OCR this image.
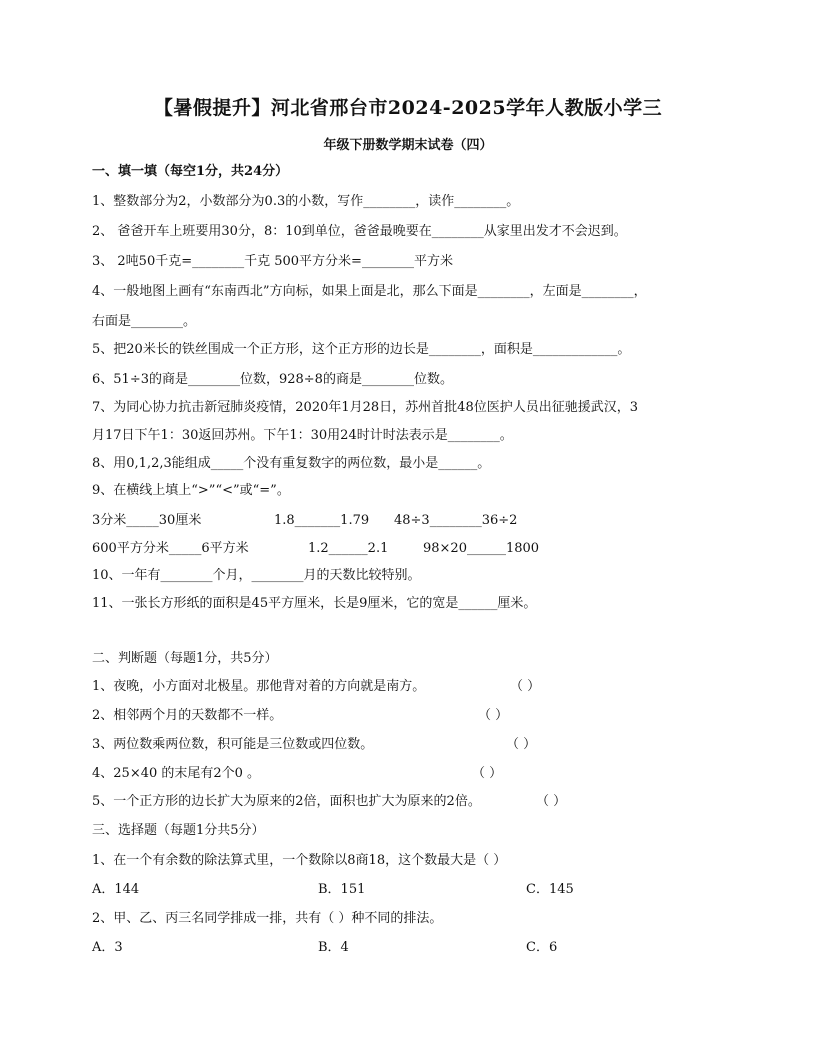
【暑假提升】河北省邢台市2024-2025学年人教版小学三
年级下册数学期末试卷（四）
一、填一填（每空1分，共24分）
1、整数部分为2，小数部分为0.3的小数，写作________，读作________。
2、 爸爸开车上班要用30分，8：10到单位，爸爸最晚要在________从家里出发才不会迟到。
3、 2吨50千克=________千克 500平方分米=________平方米
4、一般地图上画有“东南西北”方向标，如果上面是北，那么下面是________，左面是________，
右面是________。
5、把20米长的铁丝围成一个正方形，这个正方形的边长是________，面积是_____________。
6、51÷3的商是________位数，928÷8的商是________位数。
7、为同心协力抗击新冠肺炎疫情，2020年1月28日，苏州首批48位医护人员出征驰援武汉，3
月17日下午1：30返回苏州。下午1：30用24时计时法表示是________。
8、用0,1,2,3能组成_____个没有重复数字的两位数，最小是______。
9、在横线上填上“>”“<”或“=”。
3分米_____30厘米	1.8_______1.79 48÷3________36÷2
600平方分米_____6平方米	1.2______2.1	98×20______1800
10、一年有________个月，________月的天数比较特别。
11、一张长方形纸的面积是45平方厘米，长是9厘米，它的宽是______厘米。
二、判断题（每题1分，共5分）
1、夜晚，小方面对北极星。那他背对着的方向就是南方。	（ ）
2、相邻两个月的天数都不一样。	（ ）
3、两位数乘两位数，积可能是三位数或四位数。	（ ）
4、25×40 的末尾有2个0 。	（ ）
5、一个正方形的边长扩大为原来的2倍，面积也扩大为原来的2倍。	（ ）
三、选择题（每题1分共5分）
1、在一个有余数的除法算式里，一个数除以8商18，这个数最大是（ ）
A．144	B．151	C．145
2、甲、乙、丙三名同学排成一排，共有（ ）种不同的排法。
A．3	B．4	C．6
